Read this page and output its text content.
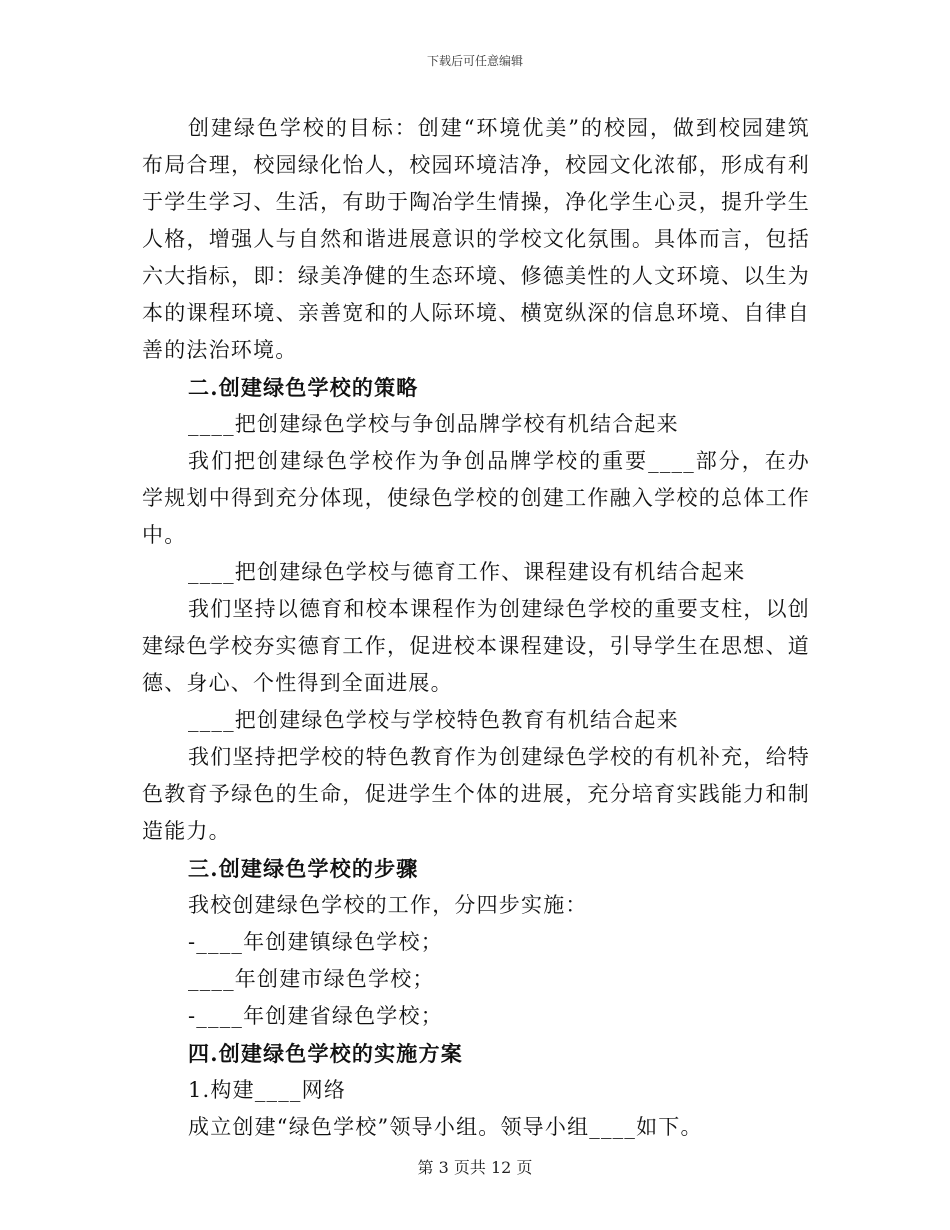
下载后可任意编辑

创建绿色学校的目标：创建“环境优美”的校园，做到校园建筑布局合理，校园绿化怡人，校园环境洁净，校园文化浓郁，形成有利于学生学习、生活，有助于陶冶学生情操，净化学生心灵，提升学生人格，增强人与自然和谐进展意识的学校文化氛围。具体而言，包括六大指标，即：绿美净健的生态环境、修德美性的人文环境、以生为本的课程环境、亲善宽和的人际环境、横宽纵深的信息环境、自律自善的法治环境。

二.创建绿色学校的策略

____把创建绿色学校与争创品牌学校有机结合起来

我们把创建绿色学校作为争创品牌学校的重要____部分，在办学规划中得到充分体现，使绿色学校的创建工作融入学校的总体工作中。

____把创建绿色学校与德育工作、课程建设有机结合起来

我们坚持以德育和校本课程作为创建绿色学校的重要支柱，以创建绿色学校夯实德育工作，促进校本课程建设，引导学生在思想、道德、身心、个性得到全面进展。

____把创建绿色学校与学校特色教育有机结合起来

我们坚持把学校的特色教育作为创建绿色学校的有机补充，给特色教育予绿色的生命，促进学生个体的进展，充分培育实践能力和制造能力。

三.创建绿色学校的步骤

我校创建绿色学校的工作，分四步实施：

-____年创建镇绿色学校；

____年创建市绿色学校；

-____年创建省绿色学校；

四.创建绿色学校的实施方案

1.构建____网络

成立创建“绿色学校”领导小组。领导小组____如下。

第 3 页共 12 页
